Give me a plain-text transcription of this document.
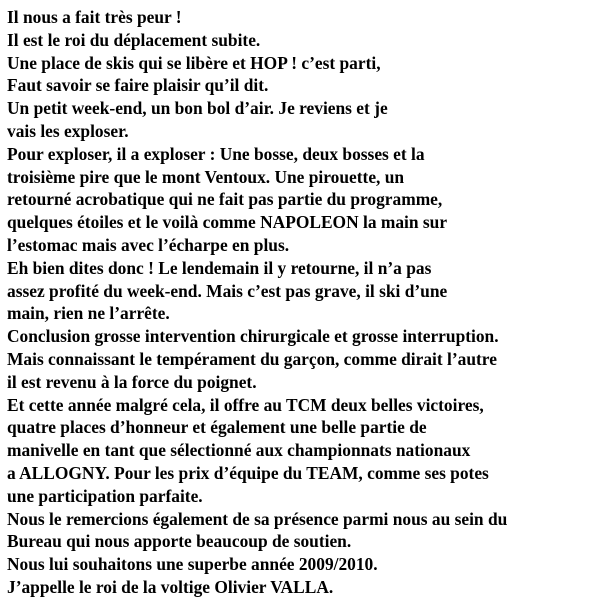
Il nous a fait très peur !
Il est le roi du déplacement subite.
Une place de skis qui se libère et HOP ! c’est parti,
Faut savoir se faire plaisir qu’il dit.
Un petit week-end, un bon bol d’air. Je reviens et je
vais les exploser.
Pour exploser, il a exploser : Une bosse, deux bosses et la
troisième pire que le mont Ventoux. Une pirouette, un
retourné acrobatique qui ne fait pas partie du programme,
quelques étoiles et le voilà comme NAPOLEON la main sur
l’estomac mais avec l’écharpe en plus.
Eh bien dites donc ! Le lendemain il y retourne, il n’a pas
assez profité du week-end. Mais c’est pas grave, il ski d’une
main, rien ne l’arrête.
Conclusion grosse intervention chirurgicale et grosse interruption.
Mais connaissant le tempérament du garçon, comme dirait l’autre
il est revenu à la force du poignet.
Et cette année malgré cela, il offre au TCM deux belles victoires,
quatre places d’honneur et également une belle partie de
manivelle en tant que sélectionné aux championnats nationaux
a ALLOGNY. Pour les prix d’équipe du TEAM, comme ses potes
une participation parfaite.
Nous le remercions également de sa présence parmi nous au sein du
Bureau qui nous apporte beaucoup de soutien.
Nous lui souhaitons une superbe année 2009/2010.
J’appelle le roi de la voltige Olivier VALLA.
